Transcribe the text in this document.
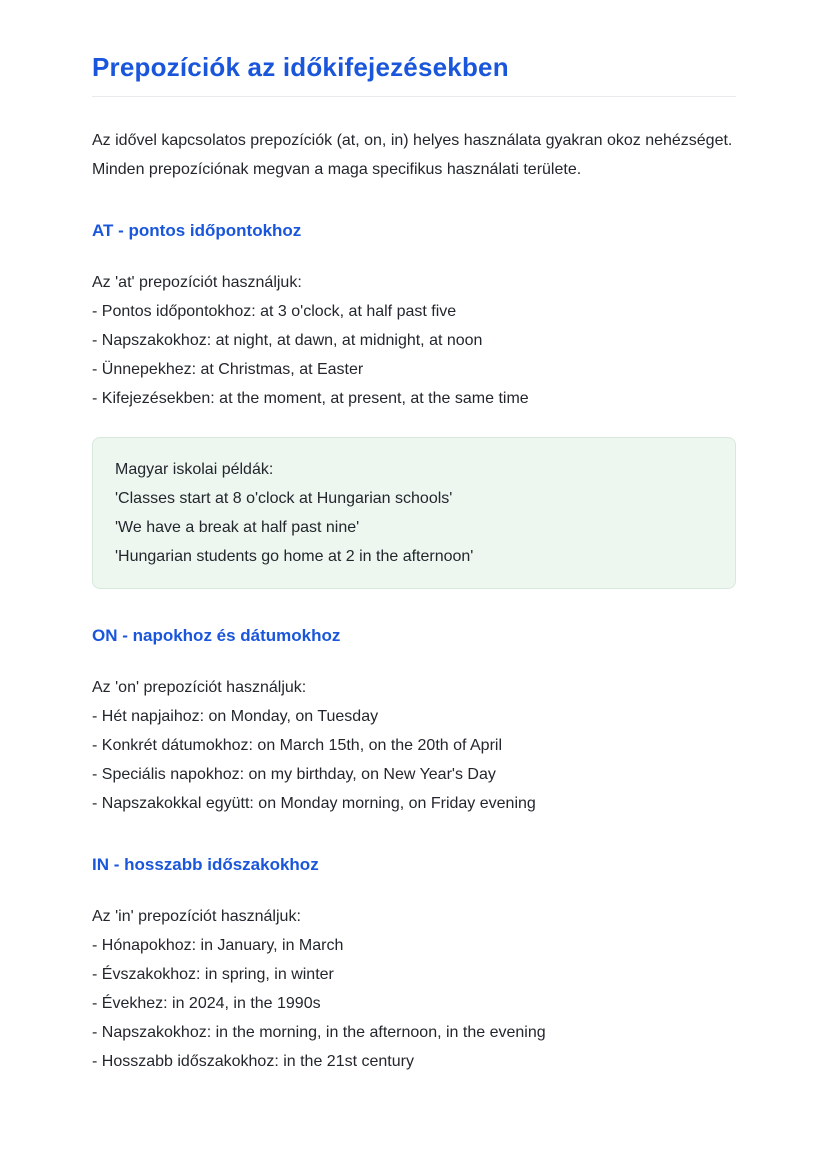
Prepozíciók az időkifejezésekben

Az idővel kapcsolatos prepozíciók (at, on, in) helyes használata gyakran okoz nehézséget. Minden prepozíciónak megvan a maga specifikus használati területe.

AT - pontos időpontokhoz
Az 'at' prepozíciót használjuk:
- Pontos időpontokhoz: at 3 o'clock, at half past five
- Napszakokhoz: at night, at dawn, at midnight, at noon
- Ünnepekhez: at Christmas, at Easter
- Kifejezésekben: at the moment, at present, at the same time
Magyar iskolai példák:
'Classes start at 8 o'clock at Hungarian schools'
'We have a break at half past nine'
'Hungarian students go home at 2 in the afternoon'
ON - napokhoz és dátumokhoz
Az 'on' prepozíciót használjuk:
- Hét napjaihoz: on Monday, on Tuesday
- Konkrét dátumokhoz: on March 15th, on the 20th of April
- Speciális napokhoz: on my birthday, on New Year's Day
- Napszakokkal együtt: on Monday morning, on Friday evening
IN - hosszabb időszakokhoz
Az 'in' prepozíciót használjuk:
- Hónapokhoz: in January, in March
- Évszakokhoz: in spring, in winter
- Évekhez: in 2024, in the 1990s
- Napszakokhoz: in the morning, in the afternoon, in the evening
- Hosszabb időszakokhoz: in the 21st century
